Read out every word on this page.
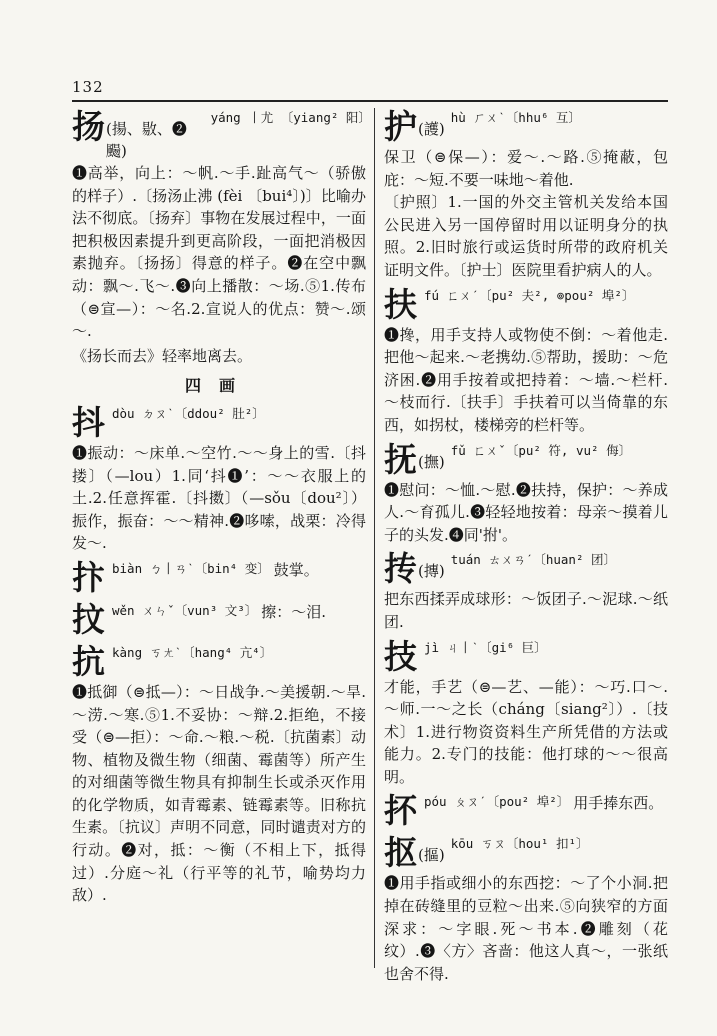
132
扬 (揚、敭、❷颺)
yáng 丨尤 〔yiang² 阳〕
❶高举，向上：～帆.～手.趾高气～（骄傲的样子）.〔扬汤止沸 (fèi 〔bui⁴〕)〕比喻办法不彻底。〔扬弃〕事物在发展过程中，一面把积极因素提升到更高阶段，一面把消极因素抛弃。〔扬扬〕得意的样子。❷在空中飘动：飘～.飞～.❸向上播散：～场.⑤1.传布（⊜宣—）：～名.2.宣说人的优点：赞～.颂～.
《扬长而去》轻率地离去。
四画
抖 dòu ㄉㄡˋ〔ddou² 肚²〕
❶振动：～床单.～空竹.～～身上的雪.〔抖搂〕（—lou）1.同‘抖❶’：～～衣服上的土.2.任意挥霍.〔抖擞〕（—sǒu〔dou²〕）振作，振奋：～～精神.❷哆嗦，战栗：冷得发～.
抃 biàn ㄅ丨ㄢˋ〔bin⁴ 变〕 鼓掌。
抆 wěn ㄨㄣˇ〔vun³ 文³〕 擦：～泪.
抗 kàng ㄎㄤˋ〔hang⁴ 亢⁴〕
❶抵御（⊜抵—）：～日战争.～美援朝.～旱.～涝.～寒.⑤1.不妥协：～辩.2.拒绝，不接受（⊜—拒）：～命.～粮.～税.〔抗菌素〕动物、植物及微生物（细菌、霉菌等）所产生的对细菌等微生物具有抑制生长或杀灭作用的化学物质，如青霉素、链霉素等。旧称抗生素。〔抗议〕声明不同意，同时谴责对方的行动。❷对，抵：～衡（不相上下，抵得过）.分庭～礼（行平等的礼节，喻势均力敌）.
护 (護)
hù ㄏㄨˋ〔hhu⁶ 互〕
保卫（⊜保—）：爱～.～路.⑤掩蔽，包庇：～短.不要一味地～着他.
〔护照〕1.一国的外交主管机关发给本国公民进入另一国停留时用以证明身分的执照。2.旧时旅行或运货时所带的政府机关证明文件。〔护士〕医院里看护病人的人。
扶 fú ㄈㄨˊ〔pu² 夫², ⊚pou² 埠²〕
❶搀，用手支持人或物使不倒：～着他走.把他～起来.～老携幼.⑤帮助，援助：～危济困.❷用手按着或把持着：～墙.～栏杆.～枝而行.〔扶手〕手扶着可以当倚靠的东西，如拐杖，楼梯旁的栏杆等。
抚 (撫)
fǔ ㄈㄨˇ〔pu² 符, vu² 侮〕
❶慰问：～恤.～慰.❷扶持，保护：～养成人.～育孤儿.❸轻轻地按着：母亲～摸着儿子的头发.❹同'拊'。
抟 (摶)
tuán ㄊㄨㄢˊ〔huan² 团〕
把东西揉弄成球形：～饭团子.～泥球.～纸团.
技 jì ㄐ丨ˋ〔gi⁶ 巨〕
才能，手艺（⊜—艺、—能）：～巧.口～.～师.一～之长（cháng〔siang²〕）.〔技术〕1.进行物资资料生产所凭借的方法或能力。2.专门的技能：他打球的～～很高明。
抔 póu ㄆㄡˊ〔pou² 埠²〕 用手捧东西。
抠 (摳)
kōu ㄎㄡ〔hou¹ 扣¹〕
❶用手指或细小的东西挖：～了个小洞.把掉在砖缝里的豆粒～出来.⑤向狭窄的方面深求：～字眼.死～书本.❷雕刻（花纹）.❸〈方〉吝啬：他这人真～，一张纸也舍不得.
